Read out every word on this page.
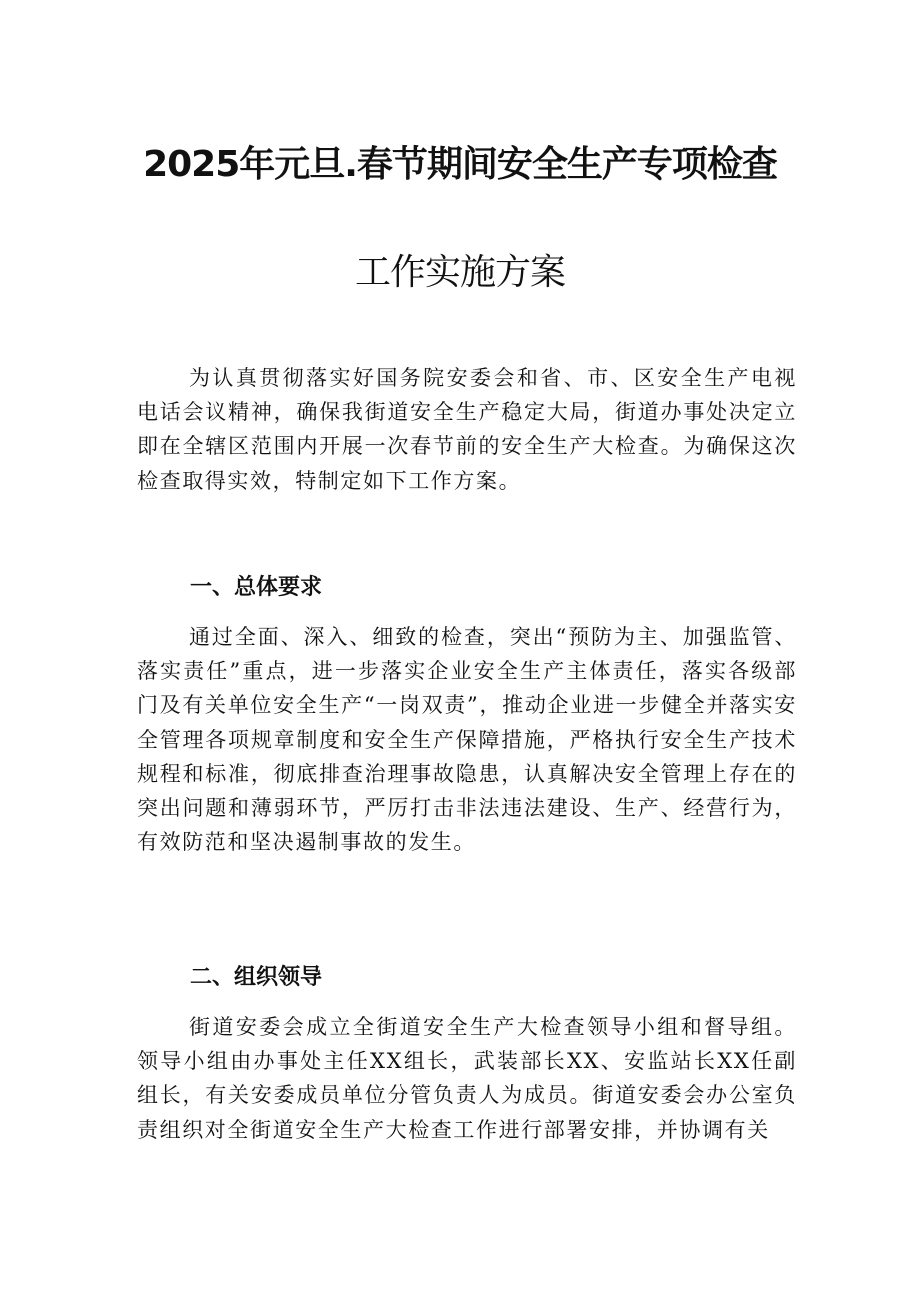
2025年元旦.春节期间安全生产专项检查
工作实施方案

为认真贯彻落实好国务院安委会和省、市、区安全生产电视电话会议精神，确保我街道安全生产稳定大局，街道办事处决定立即在全辖区范围内开展一次春节前的安全生产大检查。为确保这次检查取得实效，特制定如下工作方案。

一、总体要求

通过全面、深入、细致的检查，突出“预防为主、加强监管、落实责任”重点，进一步落实企业安全生产主体责任，落实各级部门及有关单位安全生产“一岗双责”，推动企业进一步健全并落实安全管理各项规章制度和安全生产保障措施，严格执行安全生产技术规程和标准，彻底排查治理事故隐患，认真解决安全管理上存在的突出问题和薄弱环节，严厉打击非法违法建设、生产、经营行为，有效防范和坚决遏制事故的发生。

二、组织领导

街道安委会成立全街道安全生产大检查领导小组和督导组。领导小组由办事处主任XX组长，武装部长XX、安监站长XX任副组长，有关安委成员单位分管负责人为成员。街道安委会办公室负责组织对全街道安全生产大检查工作进行部署安排，并协调有关
